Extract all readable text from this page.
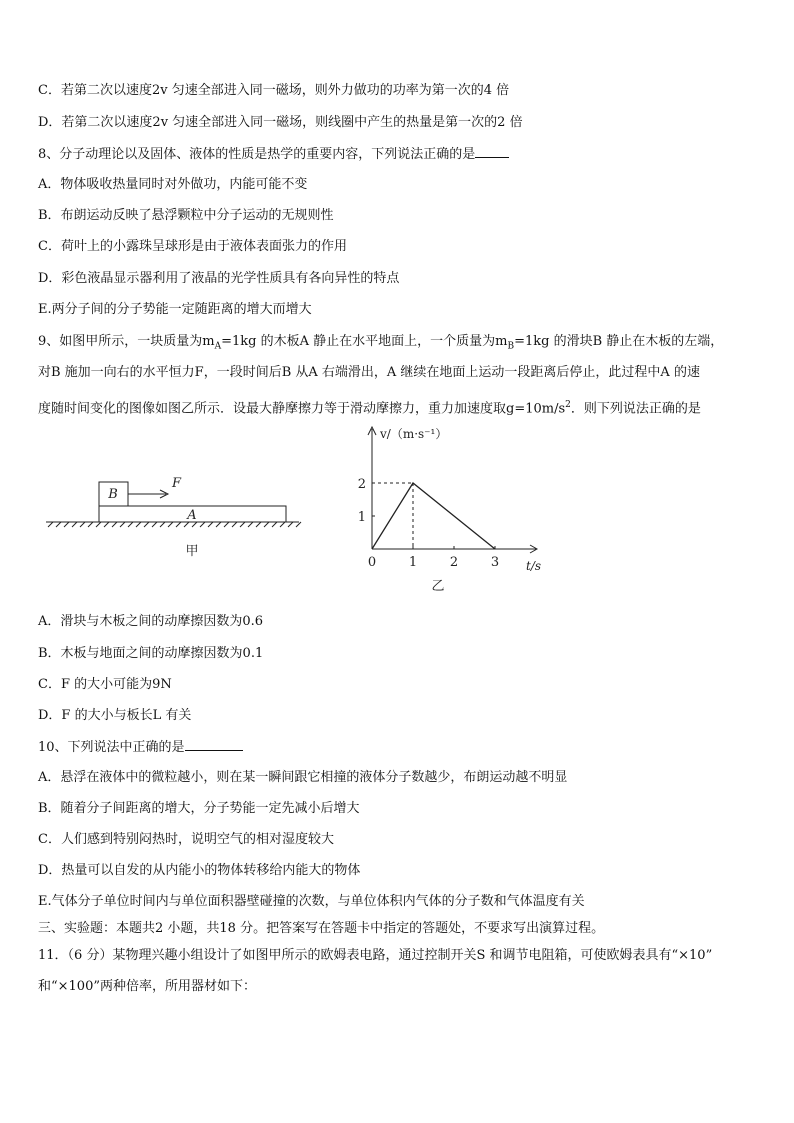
C．若第二次以速度2v 匀速全部进入同一磁场，则外力做功的功率为第一次的4 倍
D．若第二次以速度2v 匀速全部进入同一磁场，则线圈中产生的热量是第一次的2 倍
8、分子动理论以及固体、液体的性质是热学的重要内容，下列说法正确的是
A．物体吸收热量同时对外做功，内能可能不变
B．布朗运动反映了悬浮颗粒中分子运动的无规则性
C．荷叶上的小露珠呈球形是由于液体表面张力的作用
D．彩色液晶显示器利用了液晶的光学性质具有各向异性的特点
E.两分子间的分子势能一定随距离的增大而增大
9、如图甲所示，一块质量为$m_A=1kg$ 的木板A 静止在水平地面上，一个质量为$m_B=1kg$ 的滑块B 静止在木板的左端，
对B 施加一向右的水平恒力F，一段时间后B 从A 右端滑出，A 继续在地面上运动一段距离后停止，此过程中A 的速
度随时间变化的图像如图乙所示．设最大静摩擦力等于滑动摩擦力，重力加速度取$g=10m/s^2$．则下列说法正确的是
B
F
A
甲
0	1	2	3
1
2
v/（m·s⁻¹）
t/s
乙
A．滑块与木板之间的动摩擦因数为0.6
B．木板与地面之间的动摩擦因数为0.1
C．F 的大小可能为9N
D．F 的大小与板长L 有关
10、下列说法中正确的是
A．悬浮在液体中的微粒越小，则在某一瞬间跟它相撞的液体分子数越少，布朗运动越不明显
B．随着分子间距离的增大，分子势能一定先减小后增大
C．人们感到特别闷热时，说明空气的相对湿度较大
D．热量可以自发的从内能小的物体转移给内能大的物体
E.气体分子单位时间内与单位面积器壁碰撞的次数，与单位体积内气体的分子数和气体温度有关
三、实验题：本题共2 小题，共18 分。把答案写在答题卡中指定的答题处，不要求写出演算过程。
11．（6 分）某物理兴趣小组设计了如图甲所示的欧姆表电路，通过控制开关S 和调节电阻箱，可使欧姆表具有“×10”
和“×100”两种倍率，所用器材如下：
